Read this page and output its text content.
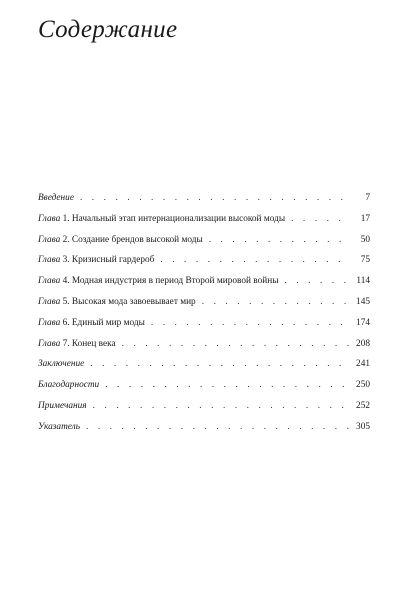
Содержание
Введение . . .	7
Глава 1. Начальный этап интернационализации высокой моды . . .	17
Глава 2. Создание брендов высокой моды . . .	50
Глава 3. Кризисный гардероб . . .	75
Глава 4. Модная индустрия в период Второй мировой войны . . .	114
Глава 5. Высокая мода завоевывает мир . . .	145
Глава 6. Единый мир моды . . .	174
Глава 7. Конец века . . .	208
Заключение . . .	241
Благодарности . . .	250
Примечания . . .	252
Указатель . . .	305
